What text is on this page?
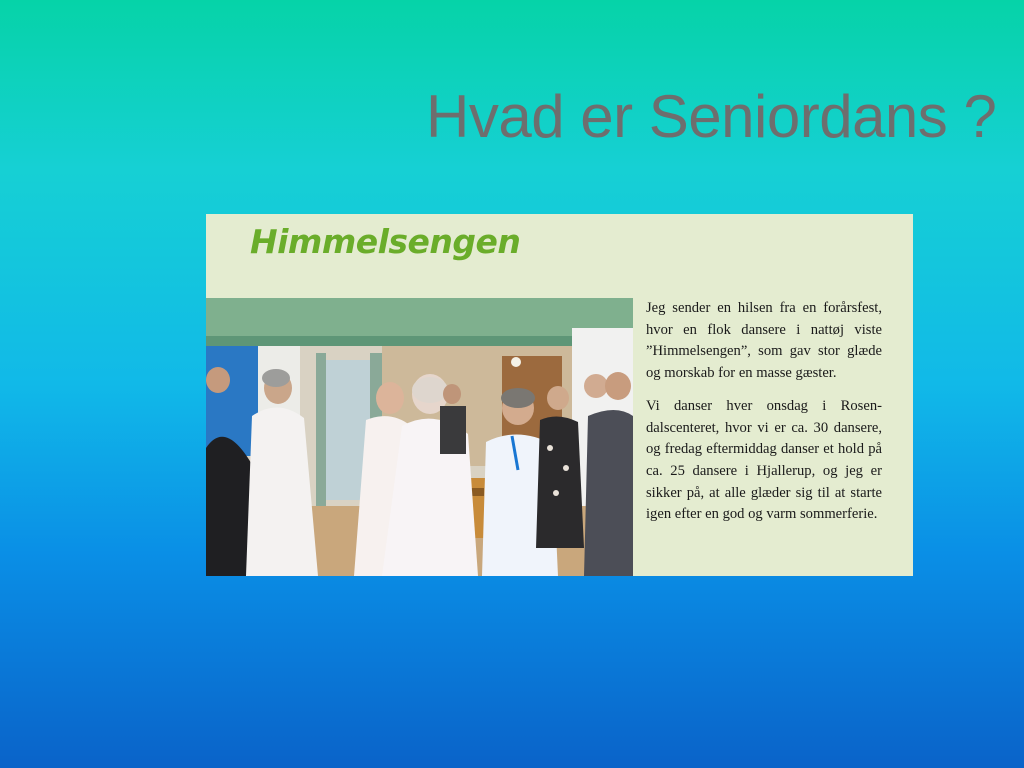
Hvad er Seniordans ?
Himmelsengen

Jeg sender en hilsen fra en forårsfest, hvor en flok dansere i nattøj viste ”Himmelsengen”, som gav stor glæde og morskab for en masse gæster.

Vi danser hver onsdag i Rosendalscenteret, hvor vi er ca. 30 dansere, og fredag eftermiddag danser et hold på ca. 25 dansere i Hjallerup, og jeg er sikker på, at alle glæder sig til at starte igen efter en god og varm sommerferie.
